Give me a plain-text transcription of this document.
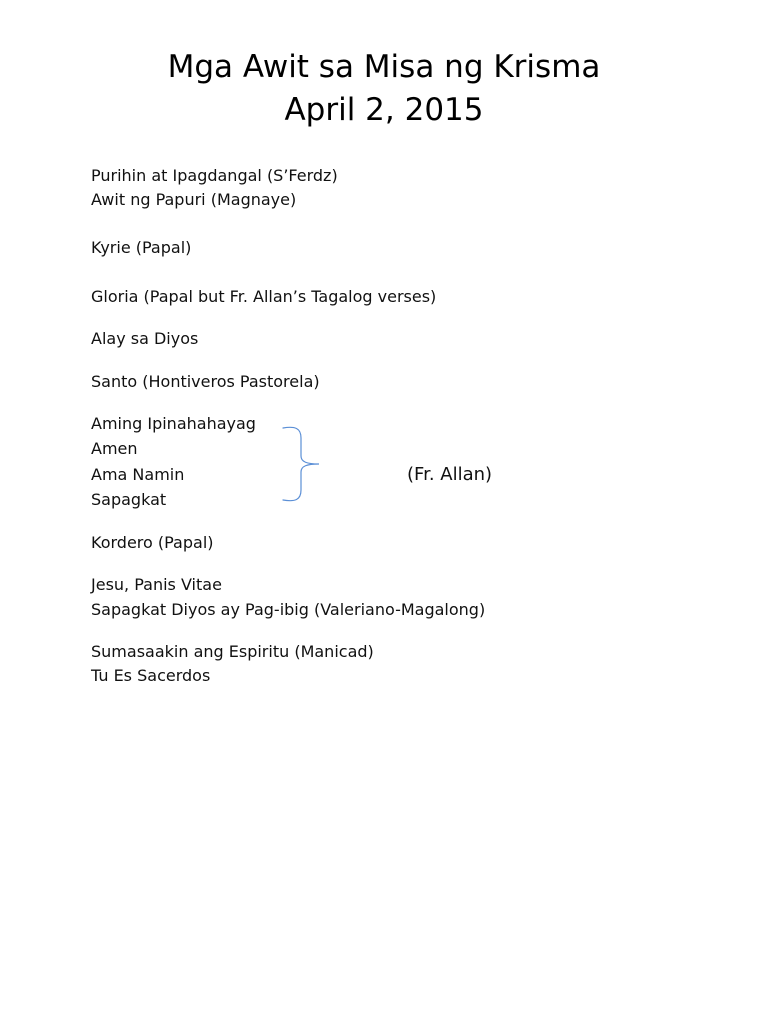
Mga Awit sa Misa ng Krisma
April 2, 2015
Purihin at Ipagdangal (S’Ferdz)
Awit ng Papuri (Magnaye)
Kyrie (Papal)
Gloria (Papal but Fr. Allan’s Tagalog verses)
Alay sa Diyos
Santo (Hontiveros Pastorela)
Aming Ipinahahayag
Amen
Ama Namin
Sapagkat
Kordero (Papal)
Jesu, Panis Vitae
Sapagkat Diyos ay Pag-ibig (Valeriano-Magalong)
Sumasaakin ang Espiritu (Manicad)
Tu Es Sacerdos
(Fr. Allan)
